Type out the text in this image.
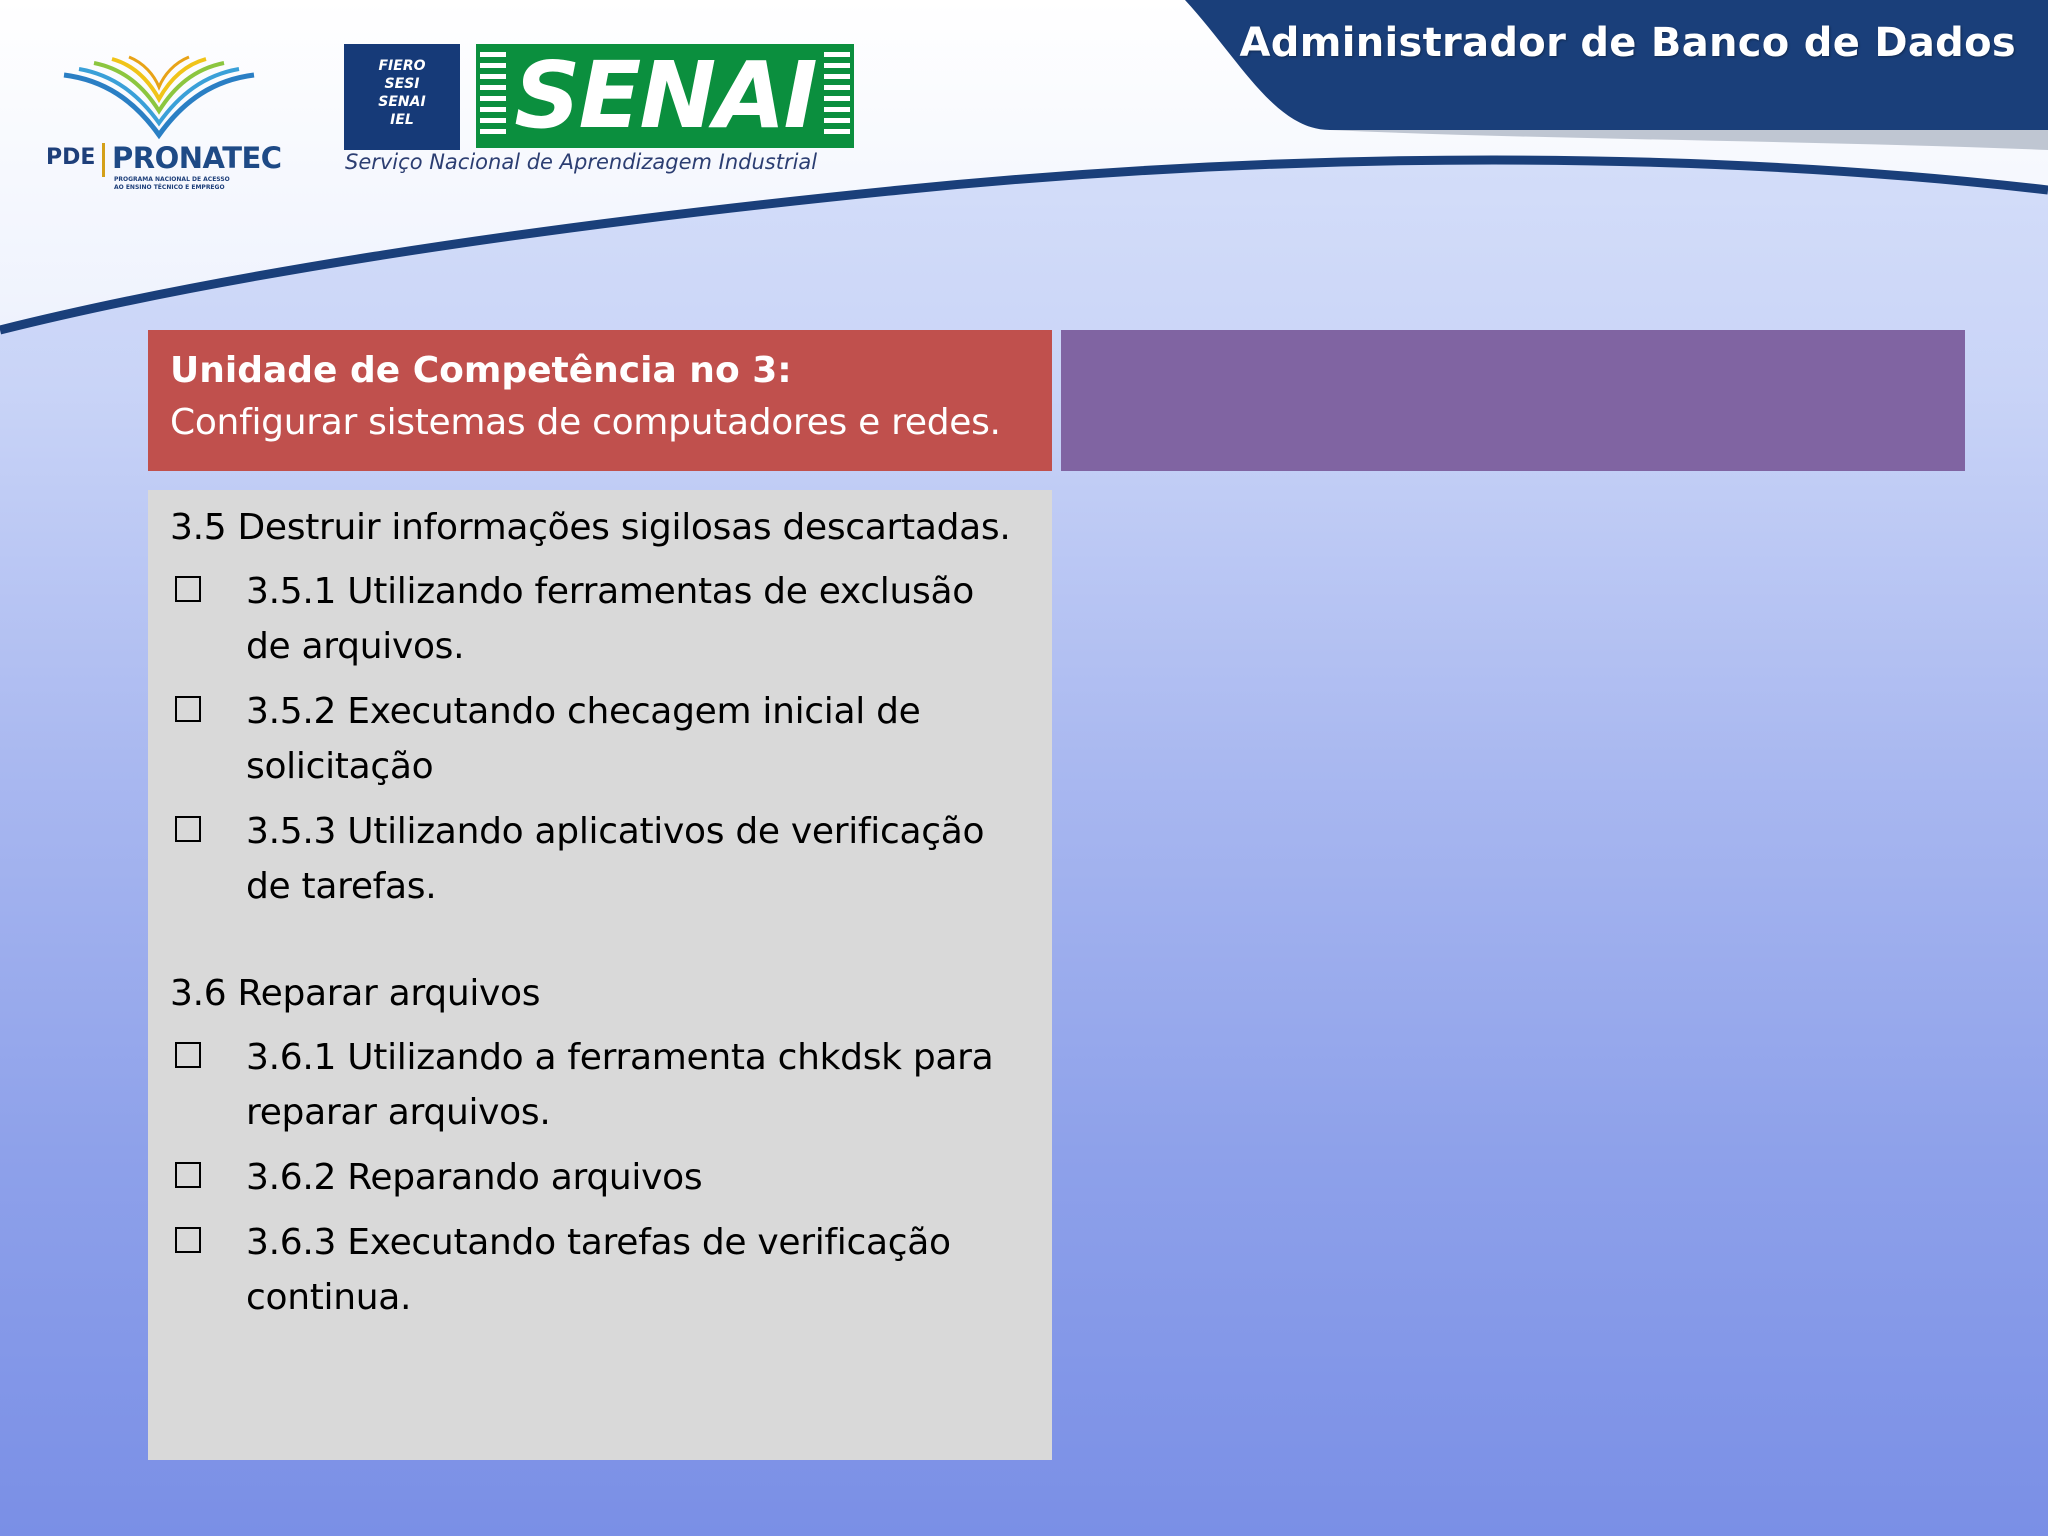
Administrador de Banco de Dados
PDE PRONATEC
PROGRAMA NACIONAL DE ACESSO
AO ENSINO TÉCNICO E EMPREGO
FIERO
SESI
SENAI
IEL	SENAI
Serviço Nacional de Aprendizagem Industrial
Unidade de Competência no 3:
Configurar sistemas de computadores e redes.
3.5 Destruir informações sigilosas descartadas.
3.5.1 Utilizando ferramentas de exclusão de arquivos.
3.5.2 Executando checagem inicial de solicitação
3.5.3 Utilizando aplicativos de verificação de tarefas.
3.6 Reparar arquivos
3.6.1 Utilizando a ferramenta chkdsk para reparar arquivos.
3.6.2 Reparando arquivos
3.6.3 Executando tarefas de verificação continua.
